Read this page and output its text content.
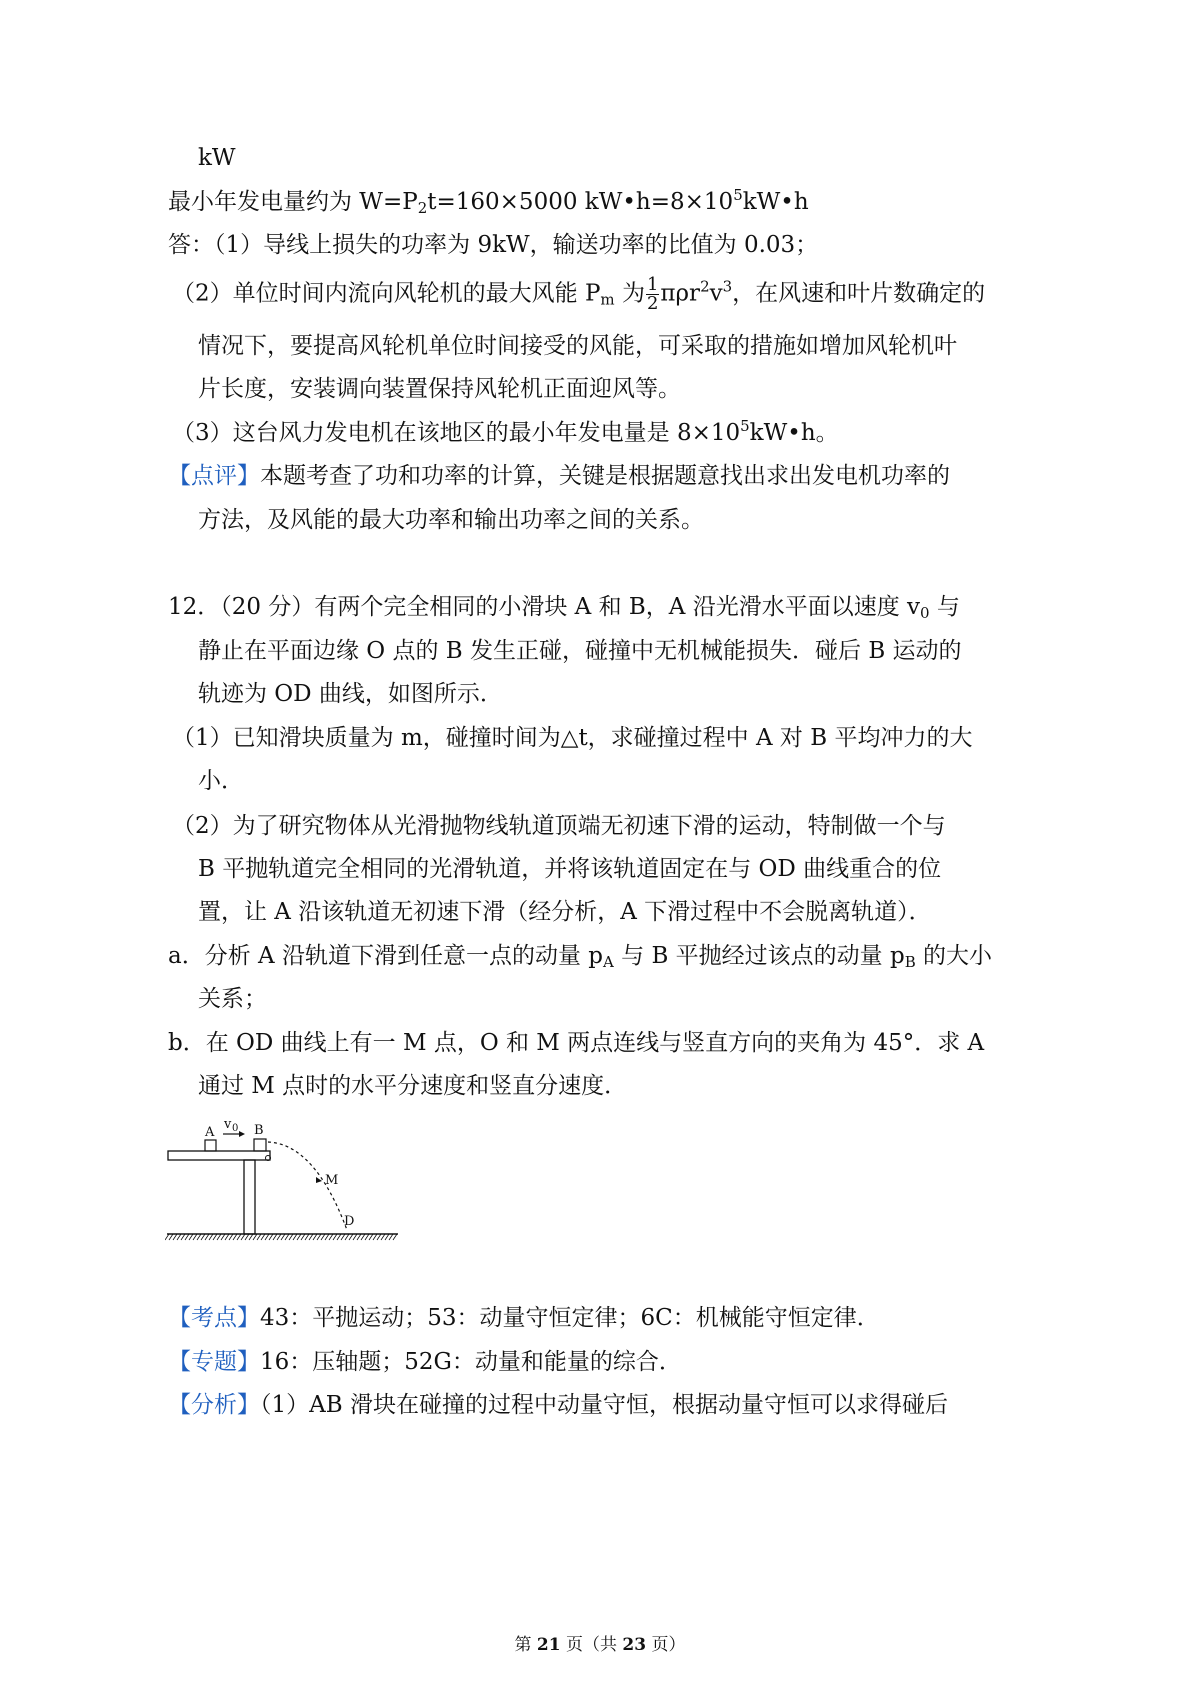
kW
最小年发电量约为 $W=P_2t=160\times 5000$ $kW•h=8\times 10^5kW•h$
答：（1）导线上损失的功率为 9kW，输送功率的比值为 0.03；
（2）单位时间内流向风轮机的最大风能 $P_m$ 为 $\frac{1}{2} \pi\rho r^2v^3$，在风速和叶片数确定的
情况下，要提高风轮机单位时间接受的风能，可采取的措施如增加风轮机叶
片长度，安装调向装置保持风轮机正面迎风等。
（3）这台风力发电机在该地区的最小年发电量是 $8\times 10^5kW•h$。
【点评】本题考查了功和功率的计算，关键是根据题意找出求出发电机功率的
方法，及风能的最大功率和输出功率之间的关系。
12．（20 分）有两个完全相同的小滑块 A 和 B，A 沿光滑水平面以速度 $v_0$ 与
静止在平面边缘 O 点的 B 发生正碰，碰撞中无机械能损失．碰后 B 运动的
轨迹为 OD 曲线，如图所示．
（1）已知滑块质量为 m，碰撞时间为△t，求碰撞过程中 A 对 B 平均冲力的大
小．
（2）为了研究物体从光滑抛物线轨道顶端无初速下滑的运动，特制做一个与
B 平抛轨道完全相同的光滑轨道，并将该轨道固定在与 OD 曲线重合的位
置，让 A 沿该轨道无初速下滑（经分析，A 下滑过程中不会脱离轨道）．
a．分析 A 沿轨道下滑到任意一点的动量 $p_A$ 与 B 平抛经过该点的动量 $p_B$ 的大小
关系；
b．在 OD 曲线上有一 M 点，O 和 M 两点连线与竖直方向的夹角为 45°．求 A
通过 M 点时的水平分速度和竖直分速度．
A
v 0 B
M
D
【考点】43：平抛运动；53：动量守恒定律；6C：机械能守恒定律．
【专题】16：压轴题；52G：动量和能量的综合．
【分析】（1）AB 滑块在碰撞的过程中动量守恒，根据动量守恒可以求得碰后
第 21 页（共 23 页）
